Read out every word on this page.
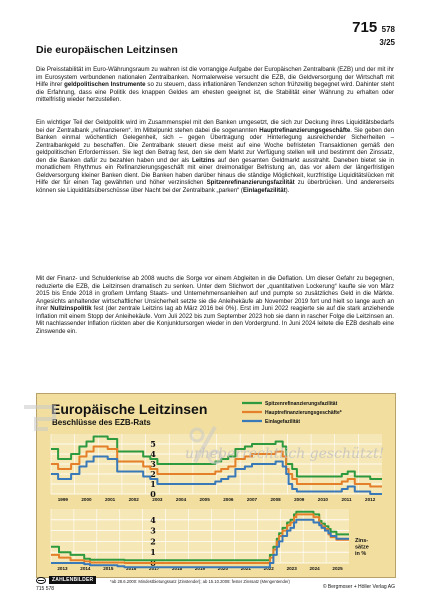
715 578
3/25
Die europäischen Leitzinsen

Die Preisstabilität im Euro-Währungsraum zu wahren ist die vorrangige Aufgabe der Europäischen Zentralbank (EZB) und der mit ihr im Eurosystem verbundenen nationalen Zentralbanken. Normalerweise versucht die EZB, die Geldversorgung der Wirtschaft mit Hilfe ihrer geldpolitischen Instrumente so zu steuern, dass inflationären Tendenzen schon frühzeitig begegnet wird. Dahinter steht die Erfahrung, dass eine Politik des knappen Geldes am ehesten geeignet ist, die Stabilität einer Währung zu erhalten oder mittelfristig wieder herzustellen.

Ein wichtiger Teil der Geldpolitik wird im Zusammenspiel mit den Banken umgesetzt, die sich zur Deckung ihres Liquiditätsbedarfs bei der Zentralbank „refinanzieren“. Im Mittelpunkt stehen dabei die sogenannten Hauptrefinanzierungsgeschäfte. Sie geben den Banken einmal wöchentlich Gelegenheit, sich – gegen Übertragung oder Hinterlegung ausreichender Sicherheiten – Zentralbankgeld zu beschaffen. Die Zentralbank steuert diese meist auf eine Woche befristeten Transaktionen gemäß den geldpolitischen Erfordernissen. Sie legt den Betrag fest, den sie dem Markt zur Verfügung stellen will und bestimmt den Zinssatz, den die Banken dafür zu bezahlen haben und der als Leitzins auf den gesamten Geldmarkt ausstrahlt. Daneben bietet sie in monatlichem Rhythmus ein Refinanzierungsgeschäft mit einer dreimonatiger Befristung an, das vor allem der längerfristigen Geldversorgung kleiner Banken dient. Die Banken haben darüber hinaus die ständige Möglichkeit, kurzfristige Liquiditätslücken mit Hilfe der für einen Tag gewährten und höher verzinslichen Spitzenrefinanzierungsfazilität zu überbrücken. Und andererseits können sie Liquiditätsüberschüsse über Nacht bei der Zentralbank „parken“ (Einlagefazilität).

Mit der Finanz- und Schuldenkrise ab 2008 wuchs die Sorge vor einem Abgleiten in die Deflation. Um dieser Gefahr zu begegnen, reduzierte die EZB, die Leitzinsen dramatisch zu senken. Unter dem Stichwort der „quantitativen Lockerung“ kaufte sie von März 2015 bis Ende 2018 in großem Umfang Staats- und Unternehmensanleihen auf und pumpte so zusätzliches Geld in die Märkte. Angesichts anhaltender wirtschaftlicher Unsicherheit setzte sie die Anleihekäufe ab November 2019 fort und hielt so lange auch an ihrer Nullzinspolitik fest (der zentrale Leitzins lag ab März 2016 bei 0%). Erst im Juni 2022 reagierte sie auf die stark anziehende Inflation mit einem Stopp der Anleihekäufe. Vom Juli 2022 bis zum September 2023 hob sie dann in rascher Folge die Leitzinsen an. Mit nachlassender Inflation rückten aber die Konjunktursorgen wieder in den Vordergrund. In Juni 2024 leitete die EZB deshalb eine Zinswende ein.

Europäische Leitzinsen
Beschlüsse des EZB-Rats
Spitzenrefinanzierungsfazilität
Hauptrefinanzierungsgeschäfte*
Einlagefazilität
0
1
2
3
4
5
1999	2000	2001	2002	2003	2004	2005	2006	2007	2008	2009	2010	2011	2012
0
1
2
3
4
2013	2014	2015	2016	2017	2018	2019	2020	2021	2022	2023	2024	2025
Zins-sätze in %
urheberrechtlich geschützt!
ZAHLENBILDER	*ab 28.6.2000: Mindestbietungssatz (Zinstender); ab 15.10.2008: fester Zinssatz (Mengentender)
715 578	© Bergmoser + Höller Verlag AG
